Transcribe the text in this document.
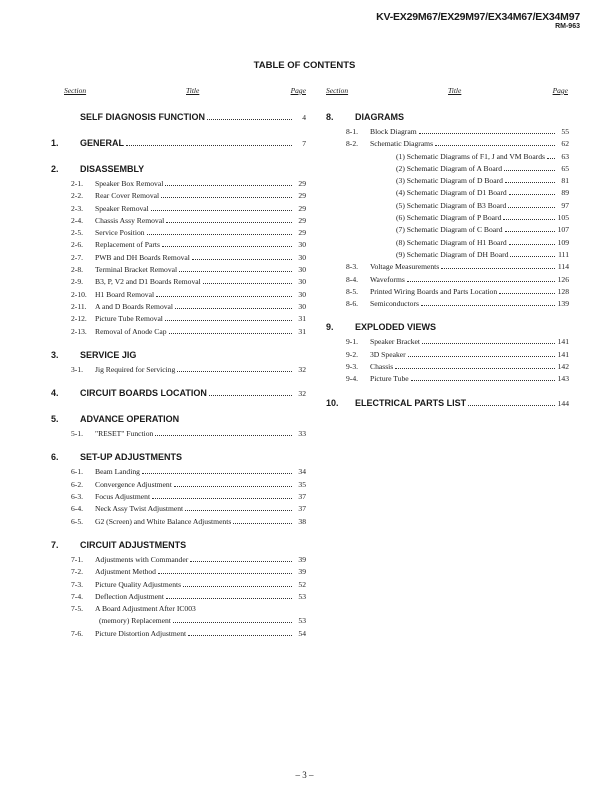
KV-EX29M67/EX29M97/EX34M67/EX34M97
RM-963
TABLE OF CONTENTS
Section	Title	Page	Section	Title	Page
SELF DIAGNOSIS FUNCTION	4
1.	GENERAL	7
2.	DISASSEMBLY
2-1.	Speaker Box Removal	29
2-2.	Rear Cover Removal	29
2-3.	Speaker Removal	29
2-4.	Chassis Assy Removal	29
2-5.	Service Position	29
2-6.	Replacement of Parts	30
2-7.	PWB and DH Boards Removal	30
2-8.	Terminal Bracket Removal	30
2-9.	B3, P, V2 and D1 Boards Removal	30
2-10.	H1 Board Removal	30
2-11.	A and D Boards Removal	30
2-12.	Picture Tube Removal	31
2-13.	Removal of Anode Cap	31
3.	SERVICE JIG
3-1.	Jig Required for Servicing	32
4.	CIRCUIT BOARDS LOCATION	32
5.	ADVANCE OPERATION
5-1.	"RESET" Function	33
6.	SET-UP ADJUSTMENTS
6-1.	Beam Landing	34
6-2.	Convergence Adjustment	35
6-3.	Focus Adjustment	37
6-4.	Neck Assy Twist Adjustment	37
6-5.	G2 (Screen) and White Balance Adjustments	38
7.	CIRCUIT ADJUSTMENTS
7-1.	Adjustments with Commander	39
7-2.	Adjustment Method	39
7-3.	Picture Quality Adjustments	52
7-4.	Deflection Adjustment	53
7-5.	A Board Adjustment After IC003
(memory) Replacement	53
7-6.	Picture Distortion Adjustment	54
8.	DIAGRAMS
8-1.	Block Diagram	55
8-2.	Schematic Diagrams	62
(1) Schematic Diagrams of F1, J and VM Boards	63
(2) Schematic Diagram of A Board	65
(3) Schematic Diagram of D Board	81
(4) Schematic Diagram of D1 Board	89
(5) Schematic Diagram of B3 Board	97
(6) Schematic Diagram of P Board	105
(7) Schematic Diagram of C Board	107
(8) Schematic Diagram of H1 Board	109
(9) Schematic Diagram of DH Board	111
8-3.	Voltage Measurements	114
8-4.	Waveforms	126
8-5.	Printed Wiring Boards and Parts Location	128
8-6.	Semiconductors	139
9.	EXPLODED VIEWS
9-1.	Speaker Bracket	141
9-2.	3D Speaker	141
9-3.	Chassis	142
9-4.	Picture Tube	143
10.	ELECTRICAL PARTS LIST	144
– 3 –
